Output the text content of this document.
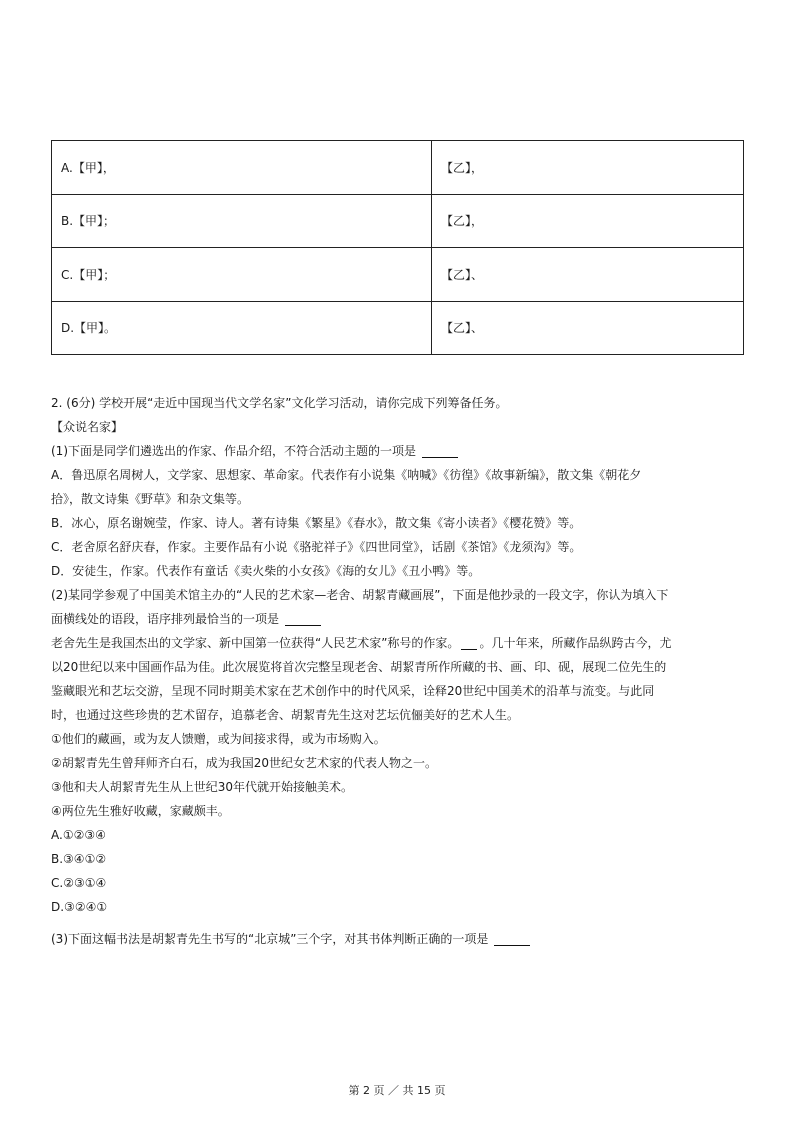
A.【甲】，	【乙】，
B.【甲】；	【乙】，
C.【甲】；	【乙】、
D.【甲】。	【乙】、
2. (6分) 学校开展“走近中国现当代文学名家”文化学习活动，请你完成下列筹备任务。
【众说名家】
(1)下面是同学们遴选出的作家、作品介绍，不符合活动主题的一项是
A．鲁迅原名周树人，文学家、思想家、革命家。代表作有小说集《呐喊》《彷徨》《故事新编》，散文集《朝花夕
拾》，散文诗集《野草》和杂文集等。
B．冰心，原名谢婉莹，作家、诗人。著有诗集《繁星》《春水》，散文集《寄小读者》《樱花赞》等。
C．老舍原名舒庆春，作家。主要作品有小说《骆驼祥子》《四世同堂》，话剧《茶馆》《龙须沟》等。
D．安徒生，作家。代表作有童话《卖火柴的小女孩》《海的女儿》《丑小鸭》等。
(2)某同学参观了中国美术馆主办的“人民的艺术家—老舍、胡絜青藏画展”，下面是他抄录的一段文字，你认为填入下
面横线处的语段，语序排列最恰当的一项是
老舍先生是我国杰出的文学家、新中国第一位获得“人民艺术家”称号的作家。 。几十年来，所藏作品纵跨古今，尤
以20世纪以来中国画作品为佳。此次展览将首次完整呈现老舍、胡絜青所作所藏的书、画、印、砚，展现二位先生的
鉴藏眼光和艺坛交游，呈现不同时期美术家在艺术创作中的时代风采，诠释20世纪中国美术的沿革与流变。与此同
时，也通过这些珍贵的艺术留存，追慕老舍、胡絜青先生这对艺坛伉俪美好的艺术人生。
①他们的藏画，或为友人馈赠，或为间接求得，或为市场购入。
②胡絜青先生曾拜师齐白石，成为我国20世纪女艺术家的代表人物之一。
③他和夫人胡絜青先生从上世纪30年代就开始接触美术。
④两位先生雅好收藏，家藏颇丰。
A.①②③④
B.③④①②
C.②③①④
D.③②④①
(3)下面这幅书法是胡絜青先生书写的“北京城”三个字，对其书体判断正确的一项是
第 2 页 ／ 共 15 页
